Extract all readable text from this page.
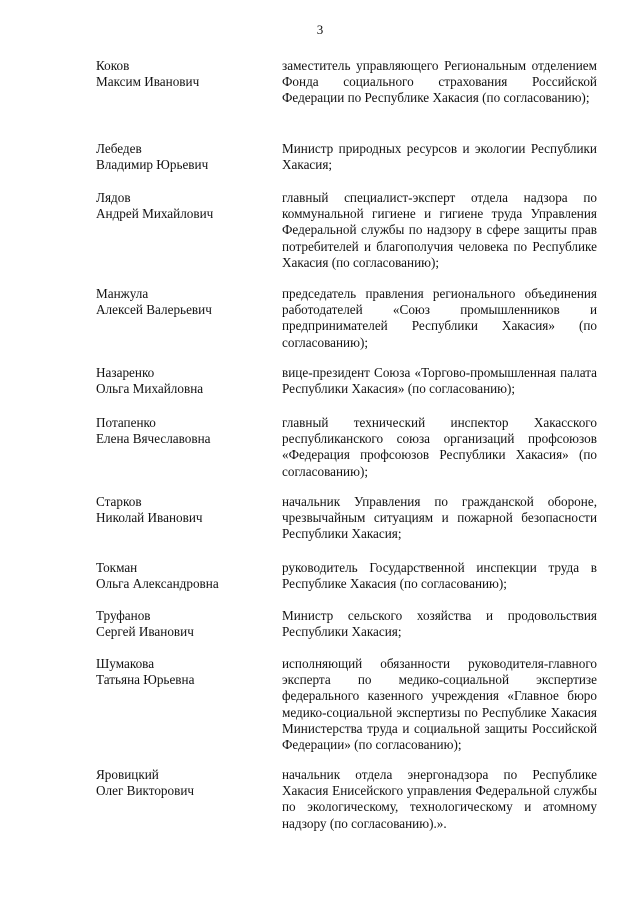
3
Коков
Максим Иванович
заместитель управляющего Региональным отделением Фонда социального страхования Российской Федерации по Республике Хакасия (по согласованию);
Лебедев
Владимир Юрьевич
Министр природных ресурсов и экологии Республики Хакасия;
Лядов
Андрей Михайлович
главный специалист-эксперт отдела надзора по коммунальной гигиене и гигиене труда Управления Федеральной службы по надзору в сфере защиты прав потребителей и благополучия человека по Республике Хакасия (по согласованию);
Манжула
Алексей Валерьевич
председатель правления регионального объединения работодателей «Союз промышленников и предпринимателей Республики Хакасия» (по согласованию);
Назаренко
Ольга Михайловна
вице-президент Союза «Торгово-промышленная палата Республики Хакасия» (по согласованию);
Потапенко
Елена Вячеславовна
главный технический инспектор Хакасского республиканского союза организаций профсоюзов «Федерация профсоюзов Республики Хакасия» (по согласованию);
Старков
Николай Иванович
начальник Управления по гражданской обороне, чрезвычайным ситуациям и пожарной безопасности Республики Хакасия;
Токман
Ольга Александровна
руководитель Государственной инспекции труда в Республике Хакасия (по согласованию);
Труфанов
Сергей Иванович
Министр сельского хозяйства и продовольствия Республики Хакасия;
Шумакова
Татьяна Юрьевна
исполняющий обязанности руководителя-главного эксперта по медико-социальной экспертизе федерального казенного учреждения «Главное бюро медико-социальной экспертизы по Республике Хакасия Министерства труда и социальной защиты Российской Федерации» (по согласованию);
Яровицкий
Олег Викторович
начальник отдела энергонадзора по Республике Хакасия Енисейского управления Федеральной службы по экологическому, технологическому и атомному надзору (по согласованию).».
